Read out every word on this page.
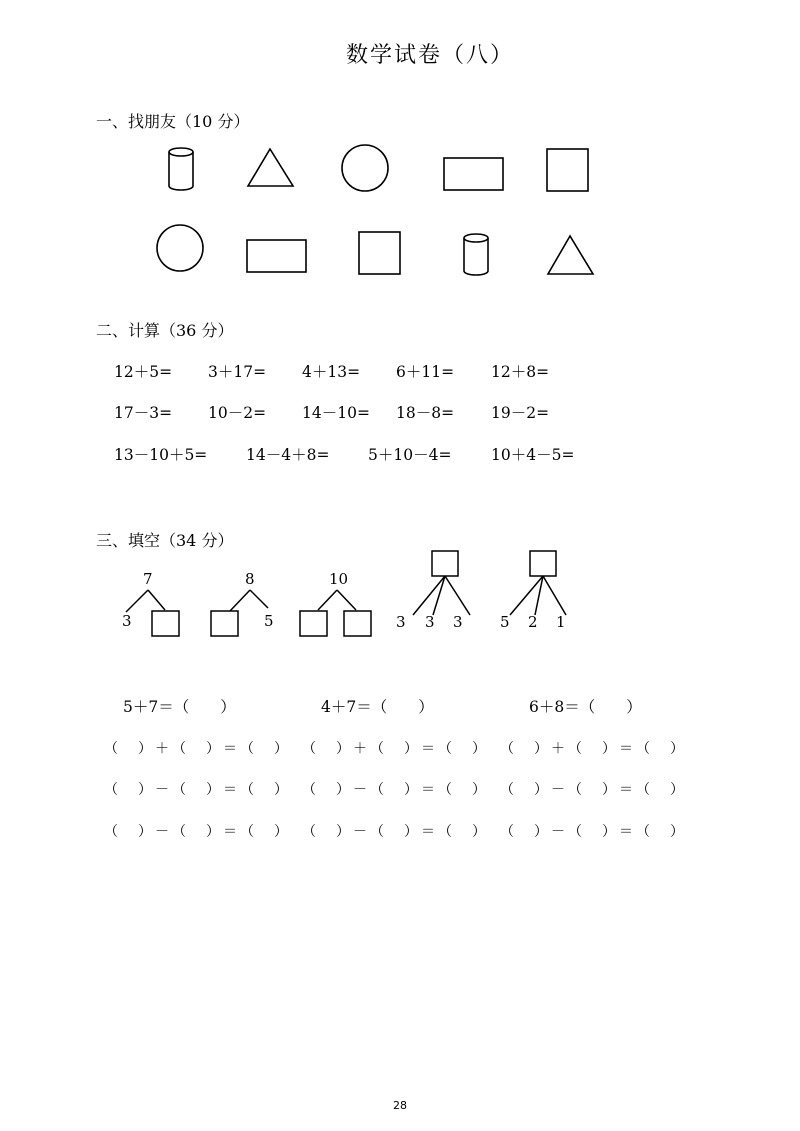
数学试卷（八）
一、找朋友（10 分）
二、计算（36 分）
三、填空（34 分）
12＋5= 3＋17= 4＋13= 6＋11= 12＋8=
17－3= 10－2= 14－10= 18－8= 19－2=
13－10＋5= 14－4＋8= 5＋10－4=	10＋4－5=
7
3
8
5
10
3 3 3 5 2 1
5＋7＝（　　）	4＋7＝（　　）	6＋8＝（　　）
（　）＋（　）＝（　） （　）＋（　）＝（　） （　）＋（　）＝（　）
（　）－（　）＝（　） （　）－（　）＝（　） （　）－（　）＝（　）
（　）－（　）＝（　） （　）－（　）＝（　） （　）－（　）＝（　）
28
